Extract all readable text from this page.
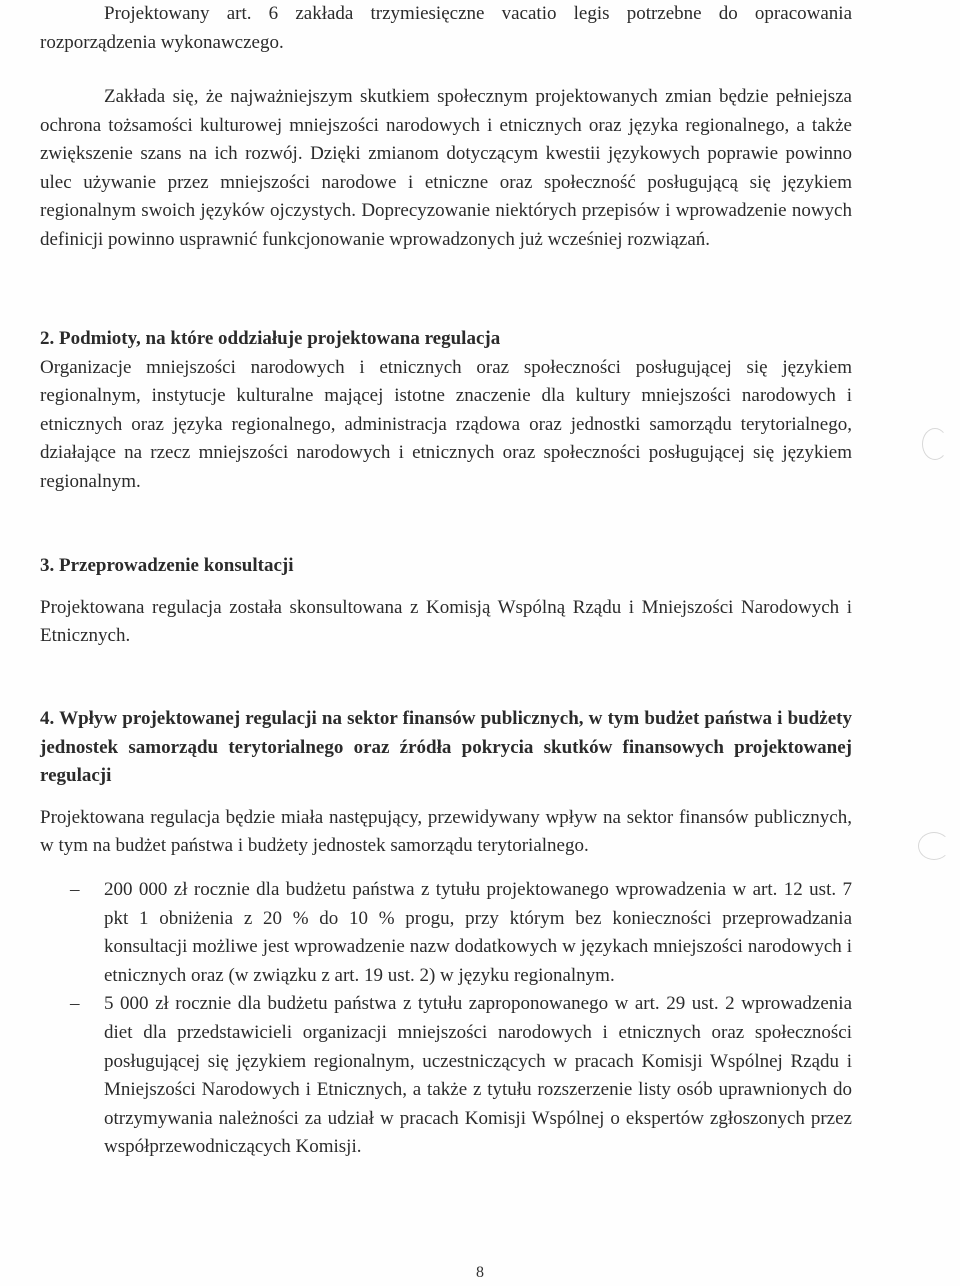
Projektowany art. 6 zakłada trzymiesięczne vacatio legis potrzebne do opracowania rozporządzenia wykonawczego.

Zakłada się, że najważniejszym skutkiem społecznym projektowanych zmian będzie pełniejsza ochrona tożsamości kulturowej mniejszości narodowych i etnicznych oraz języka regionalnego, a także zwiększenie szans na ich rozwój. Dzięki zmianom dotyczącym kwestii językowych poprawie powinno ulec używanie przez mniejszości narodowe i etniczne oraz społeczność posługującą się językiem regionalnym swoich języków ojczystych. Doprecyzowanie niektórych przepisów i wprowadzenie nowych definicji powinno usprawnić funkcjonowanie wprowadzonych już wcześniej rozwiązań.

2. Podmioty, na które oddziałuje projektowana regulacja

Organizacje mniejszości narodowych i etnicznych oraz społeczności posługującej się językiem regionalnym, instytucje kulturalne mającej istotne znaczenie dla kultury mniejszości narodowych i etnicznych oraz języka regionalnego, administracja rządowa oraz jednostki samorządu terytorialnego, działające na rzecz mniejszości narodowych i etnicznych oraz społeczności posługującej się językiem regionalnym.

3. Przeprowadzenie konsultacji

Projektowana regulacja została skonsultowana z Komisją Wspólną Rządu i Mniejszości Narodowych i Etnicznych.

4. Wpływ projektowanej regulacji na sektor finansów publicznych, w tym budżet państwa i budżety jednostek samorządu terytorialnego oraz źródła pokrycia skutków finansowych projektowanej regulacji

Projektowana regulacja będzie miała następujący, przewidywany wpływ na sektor finansów publicznych, w tym na budżet państwa i budżety jednostek samorządu terytorialnego.

– 200 000 zł rocznie dla budżetu państwa z tytułu projektowanego wprowadzenia w art. 12 ust. 7 pkt 1 obniżenia z 20 % do 10 % progu, przy którym bez konieczności przeprowadzania konsultacji możliwe jest wprowadzenie nazw dodatkowych w językach mniejszości narodowych i etnicznych oraz (w związku z art. 19 ust. 2) w języku regionalnym.
– 5 000 zł rocznie dla budżetu państwa z tytułu zaproponowanego w art. 29 ust. 2 wprowadzenia diet dla przedstawicieli organizacji mniejszości narodowych i etnicznych oraz społeczności posługującej się językiem regionalnym, uczestniczących w pracach Komisji Wspólnej Rządu i Mniejszości Narodowych i Etnicznych, a także z tytułu rozszerzenie listy osób uprawnionych do otrzymywania należności za udział w pracach Komisji Wspólnej o ekspertów zgłoszonych przez współprzewodniczących Komisji.
8
